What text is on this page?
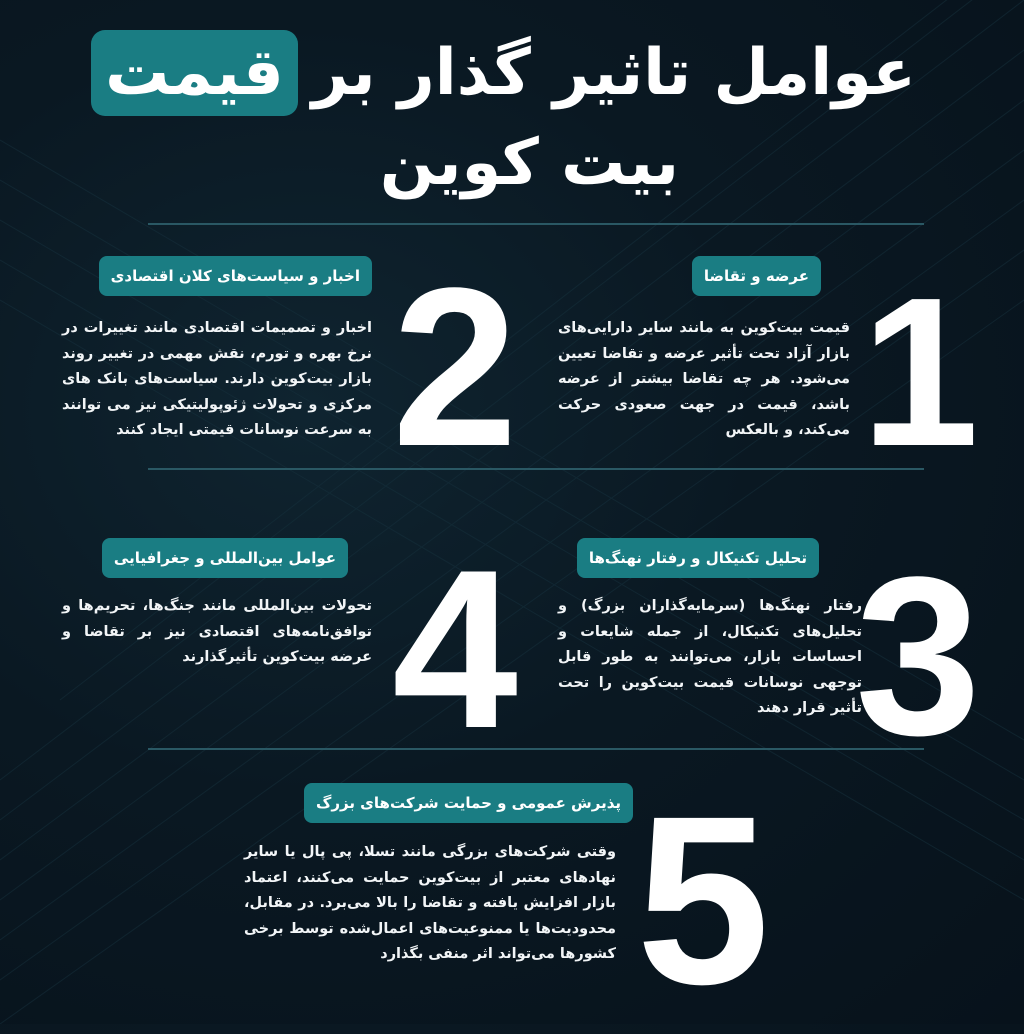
عوامل تاثیر گذار بر
قیمت
بیت کوین
1
عرضه و تقاضا
قیمت بیت‌کوین به مانند سایر دارایی‌های بازار آزاد تحت تأثیر عرضه و تقاضا تعیین می‌شود. هر چه تقاضا بیشتر از عرضه باشد، قیمت در جهت صعودی حرکت می‌کند، و بالعکس
2
اخبار و سیاست‌های کلان اقتصادی
اخبار و تصمیمات اقتصادی مانند تغییرات در نرخ بهره و تورم، نقش مهمی در تغییر روند بازار بیت‌کوین دارند. سیاست‌های بانک های مرکزی و تحولات ژئوپولیتیکی نیز می توانند به سرعت نوسانات قیمتی ایجاد کنند
3
تحلیل تکنیکال و رفتار نهنگ‌ها
رفتار نهنگ‌ها (سرمایه‌گذاران بزرگ) و تحلیل‌های تکنیکال، از جمله شایعات و احساسات بازار، می‌توانند به طور قابل توجهی نوسانات قیمت بیت‌کوین را تحت تأثیر قرار دهند
4
عوامل بین‌المللی و جغرافیایی
تحولات بین‌المللی مانند جنگ‌ها، تحریم‌ها و توافق‌نامه‌های اقتصادی نیز بر تقاضا و عرضه بیت‌کوین تأثیرگذارند
5
پذیرش عمومی و حمایت شرکت‌های بزرگ
وقتی شرکت‌های بزرگی مانند تسلا، پی پال یا سایر نهادهای معتبر از بیت‌کوین حمایت می‌کنند، اعتماد بازار افزایش یافته و تقاضا را بالا می‌برد. در مقابل، محدودیت‌ها یا ممنوعیت‌های اعمال‌شده توسط برخی کشورها می‌تواند اثر منفی بگذارد
